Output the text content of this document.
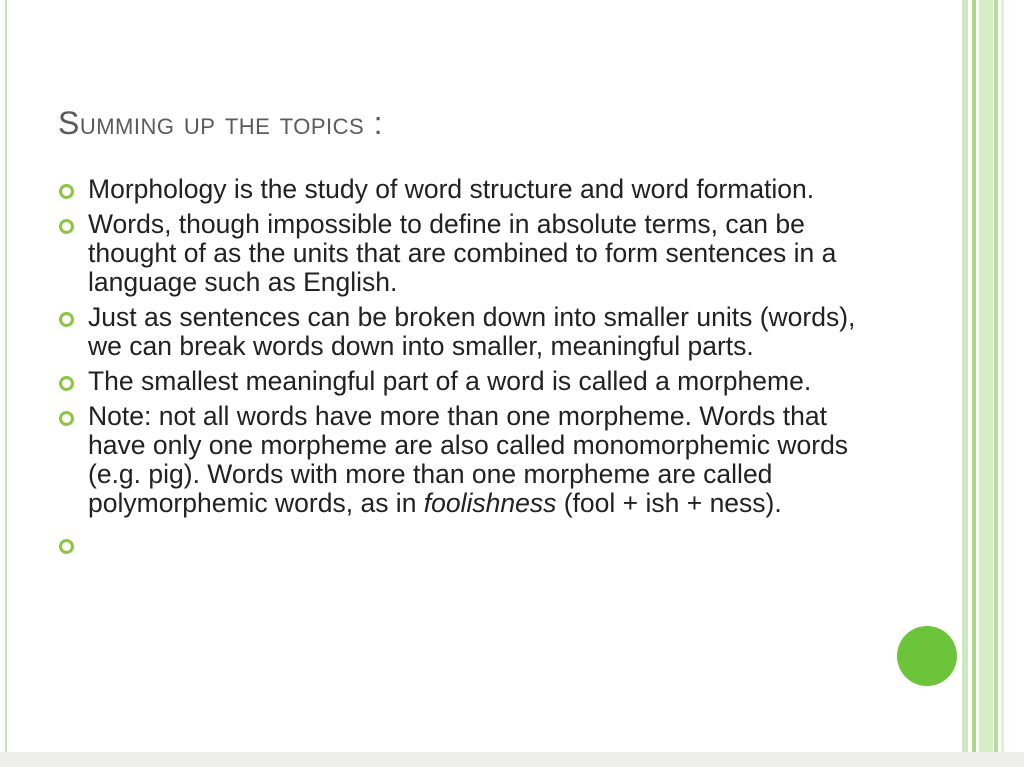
Summing up the topics :
Morphology is the study of word structure and word formation.
Words, though impossible to define in absolute terms, can be thought of as the units that are combined to form sentences in a language such as English.
Just as sentences can be broken down into smaller units (words), we can break words down into smaller, meaningful parts.
The smallest meaningful part of a word is called a morpheme.
Note: not all words have more than one morpheme. Words that have only one morpheme are also called monomorphemic words (e.g. pig). Words with more than one morpheme are called polymorphemic words, as in foolishness (fool + ish + ness).
